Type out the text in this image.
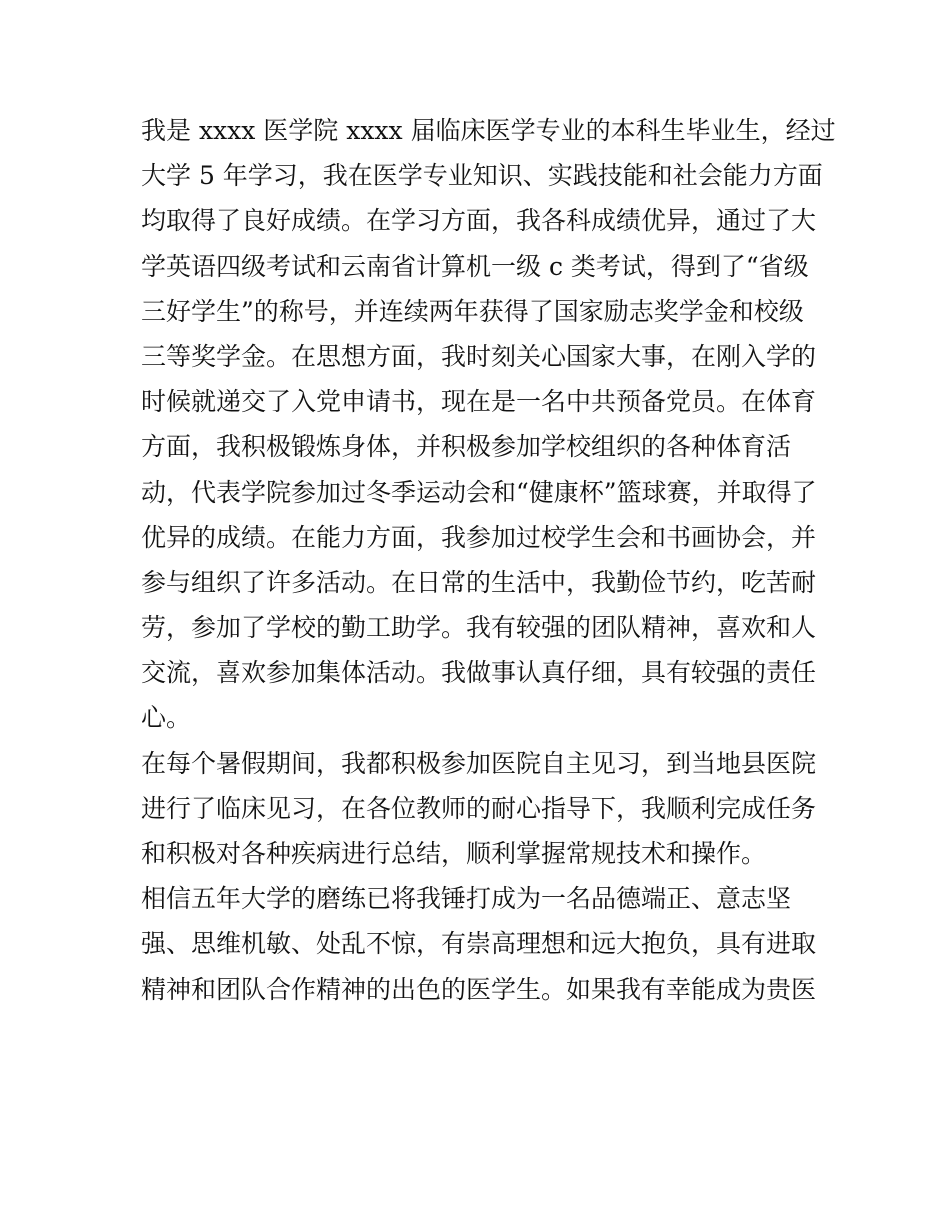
我是 xxxx 医学院 xxxx 届临床医学专业的本科生毕业生，经过
大学 5 年学习，我在医学专业知识、实践技能和社会能力方面
均取得了良好成绩。在学习方面，我各科成绩优异，通过了大
学英语四级考试和云南省计算机一级 c 类考试，得到了“省级
三好学生”的称号，并连续两年获得了国家励志奖学金和校级
三等奖学金。在思想方面，我时刻关心国家大事，在刚入学的
时候就递交了入党申请书，现在是一名中共预备党员。在体育
方面，我积极锻炼身体，并积极参加学校组织的各种体育活
动，代表学院参加过冬季运动会和“健康杯”篮球赛，并取得了
优异的成绩。在能力方面，我参加过校学生会和书画协会，并
参与组织了许多活动。在日常的生活中，我勤俭节约，吃苦耐
劳，参加了学校的勤工助学。我有较强的团队精神，喜欢和人
交流，喜欢参加集体活动。我做事认真仔细，具有较强的责任
心。
在每个暑假期间，我都积极参加医院自主见习，到当地县医院
进行了临床见习，在各位教师的耐心指导下，我顺利完成任务
和积极对各种疾病进行总结，顺利掌握常规技术和操作。
相信五年大学的磨练已将我锤打成为一名品德端正、意志坚
强、思维机敏、处乱不惊，有崇高理想和远大抱负，具有进取
精神和团队合作精神的出色的医学生。如果我有幸能成为贵医
